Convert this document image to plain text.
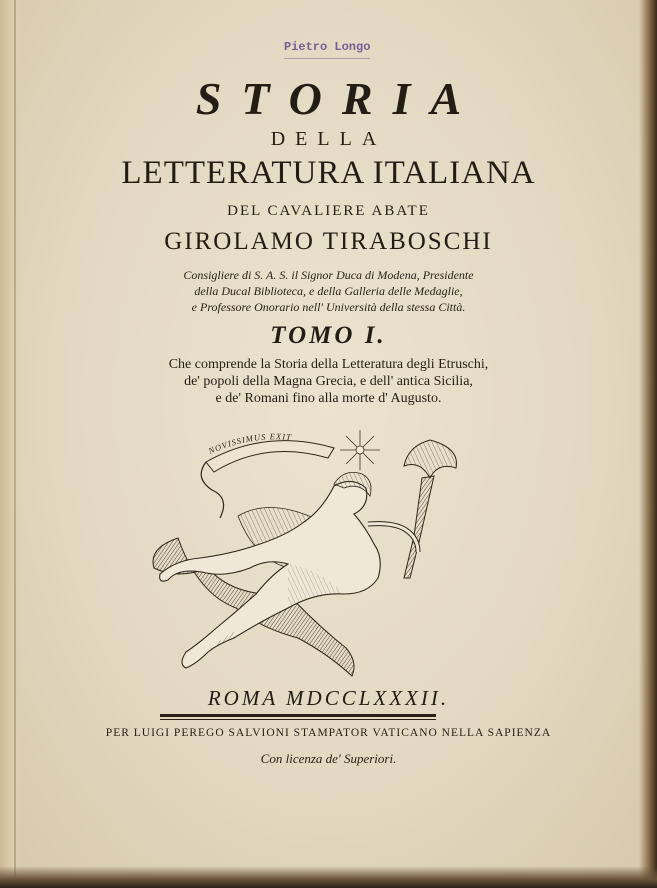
Pietro Longo
STORIA
DELLA
LETTERATURA ITALIANA
DEL CAVALIERE ABATE
GIROLAMO TIRABOSCHI
Consigliere di S. A. S. il Signor Duca di Modena, Presidente
della Ducal Biblioteca, e della Galleria delle Medaglie,
e Professore Onorario nell' Università della stessa Città.
TOMO I.
Che comprende la Storia della Letteratura degli Etruschi,
de' popoli della Magna Grecia, e dell' antica Sicilia,
e de' Romani fino alla morte d' Augusto.
NOVISSIMUS EXIT
ROMA MDCCLXXXII.
PER LUIGI PEREGO SALVIONI STAMPATOR VATICANO NELLA SAPIENZA
Con licenza de' Superiori.
